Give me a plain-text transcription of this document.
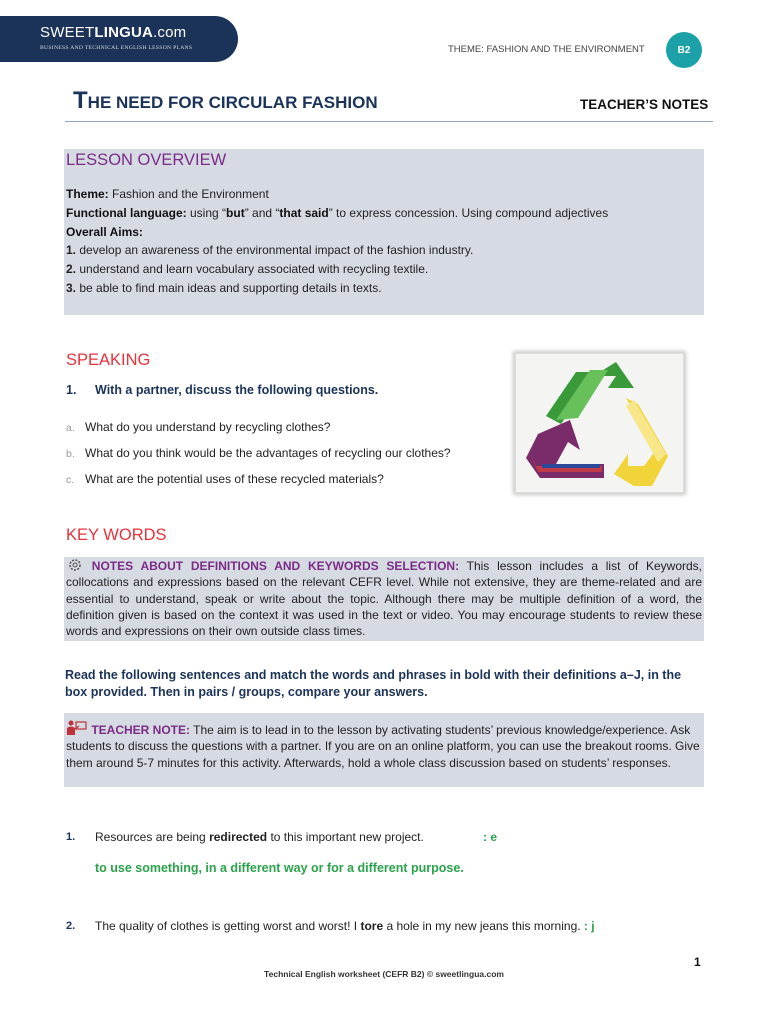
SWEETLINGUA.com
BUSINESS AND TECHNICAL ENGLISH LESSON PLANS	THEME: FASHION AND THE ENVIRONMENT	B2
THE NEED FOR CIRCULAR FASHION	TEACHER’S NOTES
LESSON OVERVIEW
Theme: Fashion and the Environment
Functional language: using “but” and “that said” to express concession. Using compound adjectives
Overall Aims:
1. develop an awareness of the environmental impact of the fashion industry.
2. understand and learn vocabulary associated with recycling textile.
3. be able to find main ideas and supporting details in texts.
SPEAKING
1. With a partner, discuss the following questions.
a. What do you understand by recycling clothes?
b. What do you think would be the advantages of recycling our clothes?
c. What are the potential uses of these recycled materials?
KEY WORDS
NOTES ABOUT DEFINITIONS AND KEYWORDS SELECTION: This lesson includes a list of Keywords, collocations and expressions based on the relevant CEFR level. While not extensive, they are theme-related and are essential to understand, speak or write about the topic. Although there may be multiple definition of a word, the definition given is based on the context it was used in the text or video. You may encourage students to review these words and expressions on their own outside class times.
Read the following sentences and match the words and phrases in bold with their definitions a–J, in the box provided. Then in pairs / groups, compare your answers.
TEACHER NOTE: The aim is to lead in to the lesson by activating students’ previous knowledge/experience. Ask students to discuss the questions with a partner. If you are on an online platform, you can use the breakout rooms. Give them around 5-7 minutes for this activity. Afterwards, hold a whole class discussion based on students’ responses.
1. Resources are being redirected to this important new project.	: e
to use something, in a different way or for a different purpose.
2. The quality of clothes is getting worst and worst! I tore a hole in my new jeans this morning. : j
1
Technical English worksheet (CEFR B2) © sweetlingua.com
